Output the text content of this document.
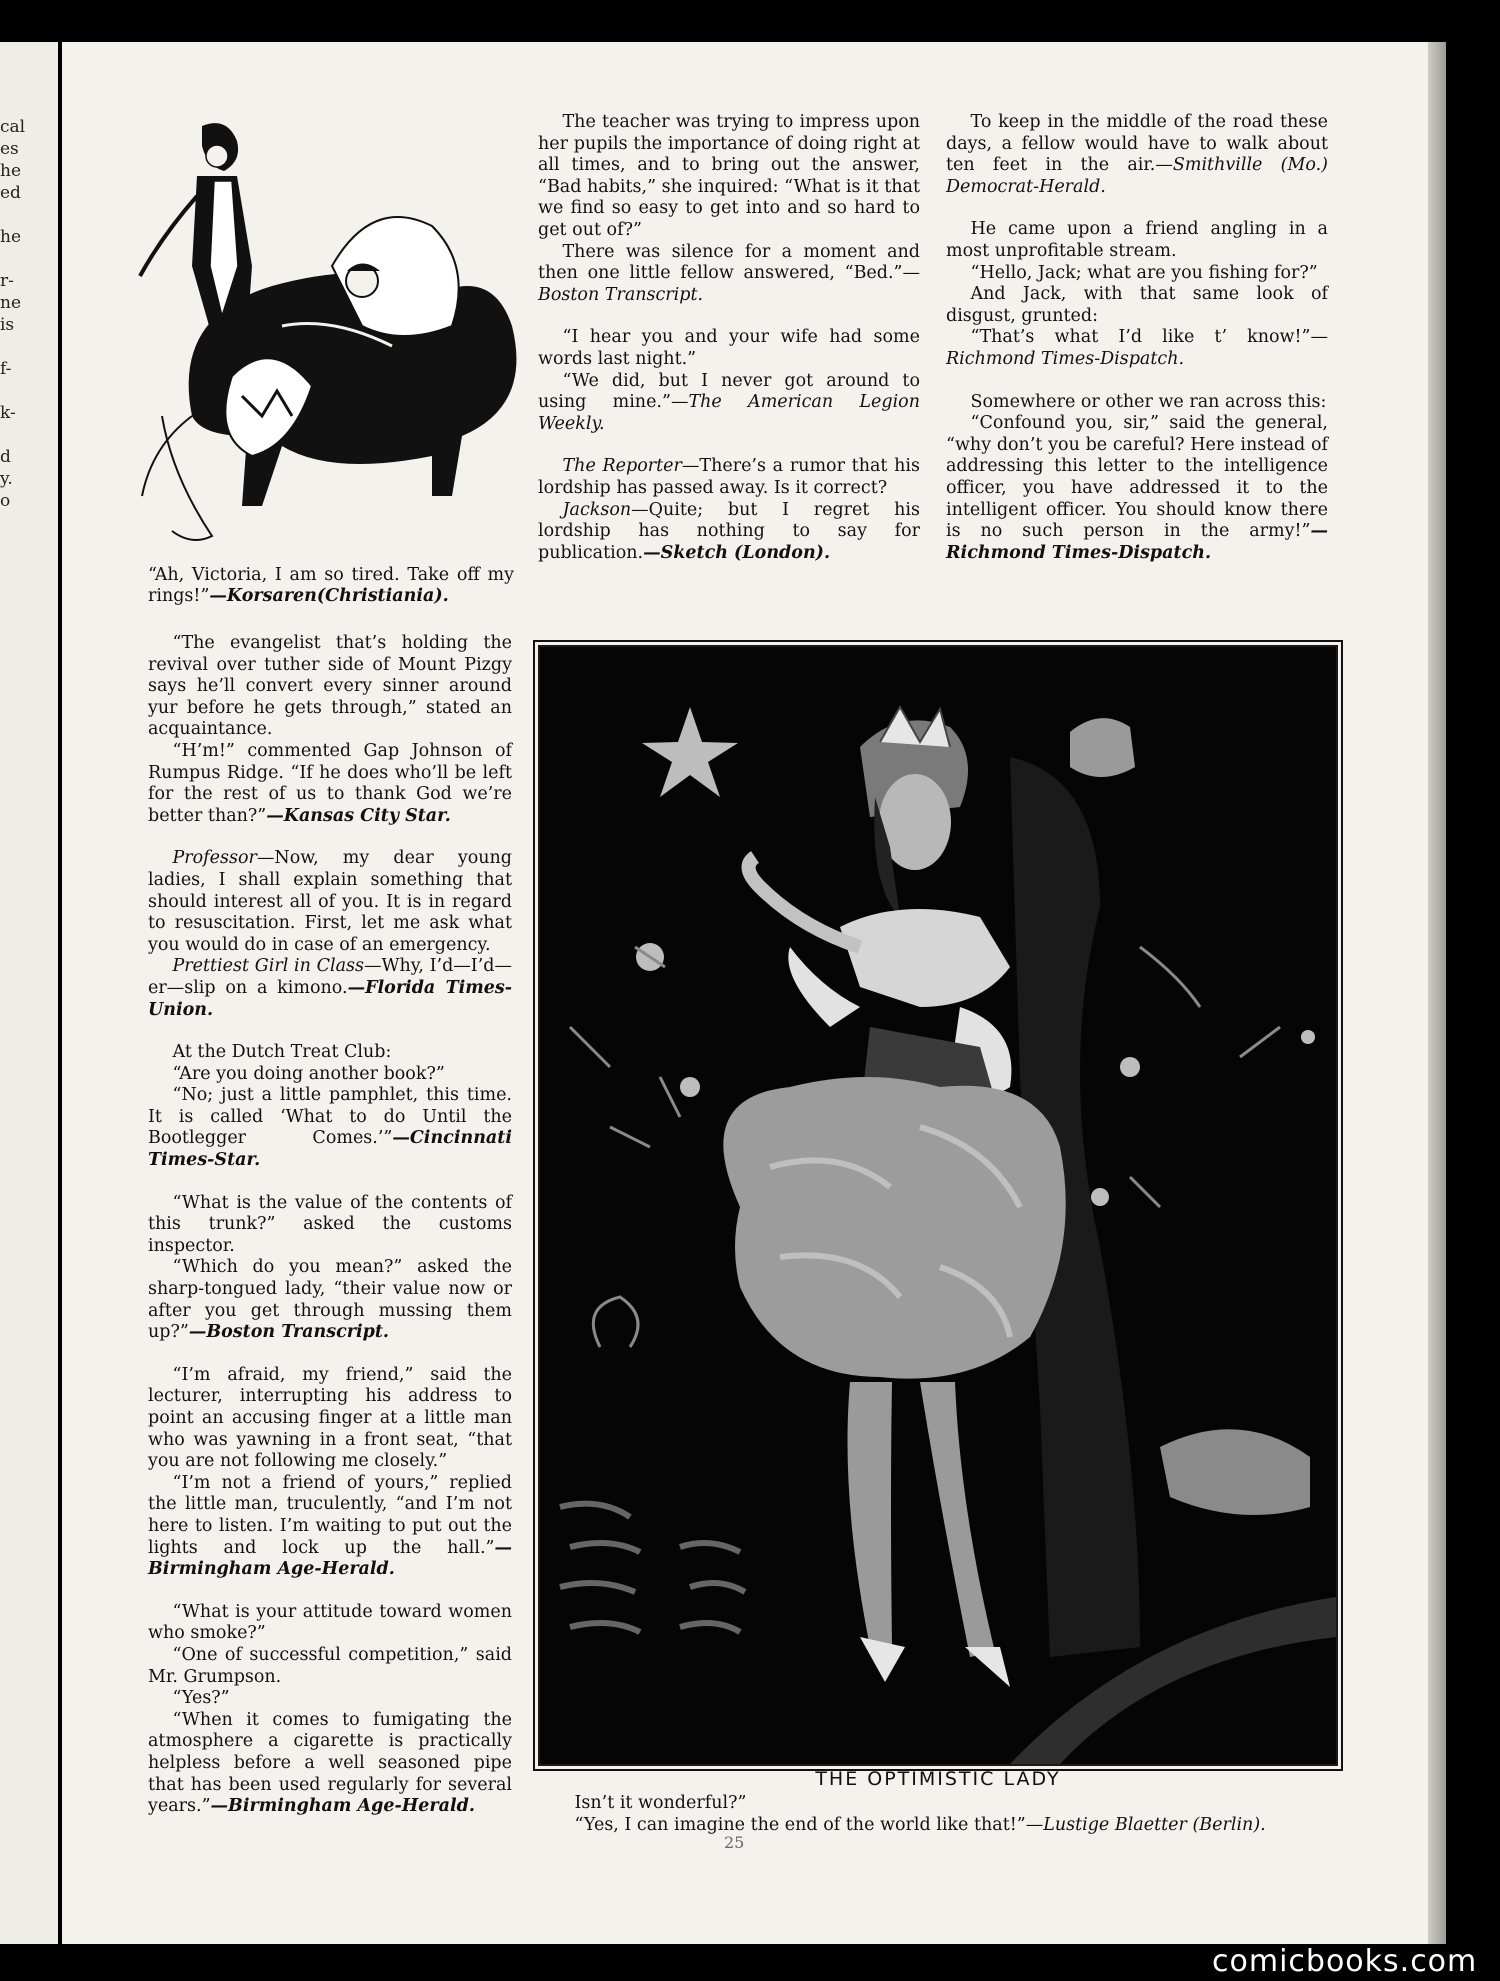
cal
es
he
ed
he
r-
ne
is
f-
k-
d
y.
o
“Ah, Victoria, I am so tired. Take off my rings!”—Korsaren(Christiania).

“The evangelist that’s holding the revival over tuther side of Mount Pizgy says he’ll convert every sinner around yur before he gets through,” stated an acquaintance.

“H’m!” commented Gap Johnson of Rumpus Ridge. “If he does who’ll be left for the rest of us to thank God we’re better than?”—Kansas City Star.

Professor—Now, my dear young ladies, I shall explain something that should interest all of you. It is in regard to resuscitation. First, let me ask what you would do in case of an emergency.

Prettiest Girl in Class—Why, I’d—I’d—er—slip on a kimono.—Florida Times-Union.

At the Dutch Treat Club:

“Are you doing another book?”

“No; just a little pamphlet, this time. It is called ‘What to do Until the Bootlegger Comes.’”—Cincinnati Times-Star.

“What is the value of the contents of this trunk?” asked the customs inspector.

“Which do you mean?” asked the sharp-tongued lady, “their value now or after you get through mussing them up?”—Boston Transcript.

“I’m afraid, my friend,” said the lecturer, interrupting his address to point an accusing finger at a little man who was yawning in a front seat, “that you are not following me closely.”

“I’m not a friend of yours,” replied the little man, truculently, “and I’m not here to listen. I’m waiting to put out the lights and lock up the hall.”—Birmingham Age-Herald.

“What is your attitude toward women who smoke?”

“One of successful competition,” said Mr. Grumpson.

“Yes?”

“When it comes to fumigating the atmosphere a cigarette is practically helpless before a well seasoned pipe that has been used regularly for several years.”—Birmingham Age-Herald.

The teacher was trying to impress upon her pupils the importance of doing right at all times, and to bring out the answer, “Bad habits,” she inquired: “What is it that we find so easy to get into and so hard to get out of?”

There was silence for a moment and then one little fellow answered, “Bed.”—Boston Transcript.

“I hear you and your wife had some words last night.”

“We did, but I never got around to using mine.”—The American Legion Weekly.

The Reporter—There’s a rumor that his lordship has passed away. Is it correct?

Jackson—Quite; but I regret his lordship has nothing to say for publication.—Sketch (London).

To keep in the middle of the road these days, a fellow would have to walk about ten feet in the air.—Smithville (Mo.) Democrat-Herald.

He came upon a friend angling in a most unprofitable stream.

“Hello, Jack; what are you fishing for?”

And Jack, with that same look of disgust, grunted:

“That’s what I’d like t’ know!”—Richmond Times-Dispatch.

Somewhere or other we ran across this:

“Confound you, sir,” said the general, “why don’t you be careful? Here instead of addressing this letter to the intelligence officer, you have addressed it to the intelligent officer. You should know there is no such person in the army!”—Richmond Times-Dispatch.

THE OPTIMISTIC LADY

Isn’t it wonderful?”

“Yes, I can imagine the end of the world like that!”—Lustige Blaetter (Berlin).

25
comicbooks.com
